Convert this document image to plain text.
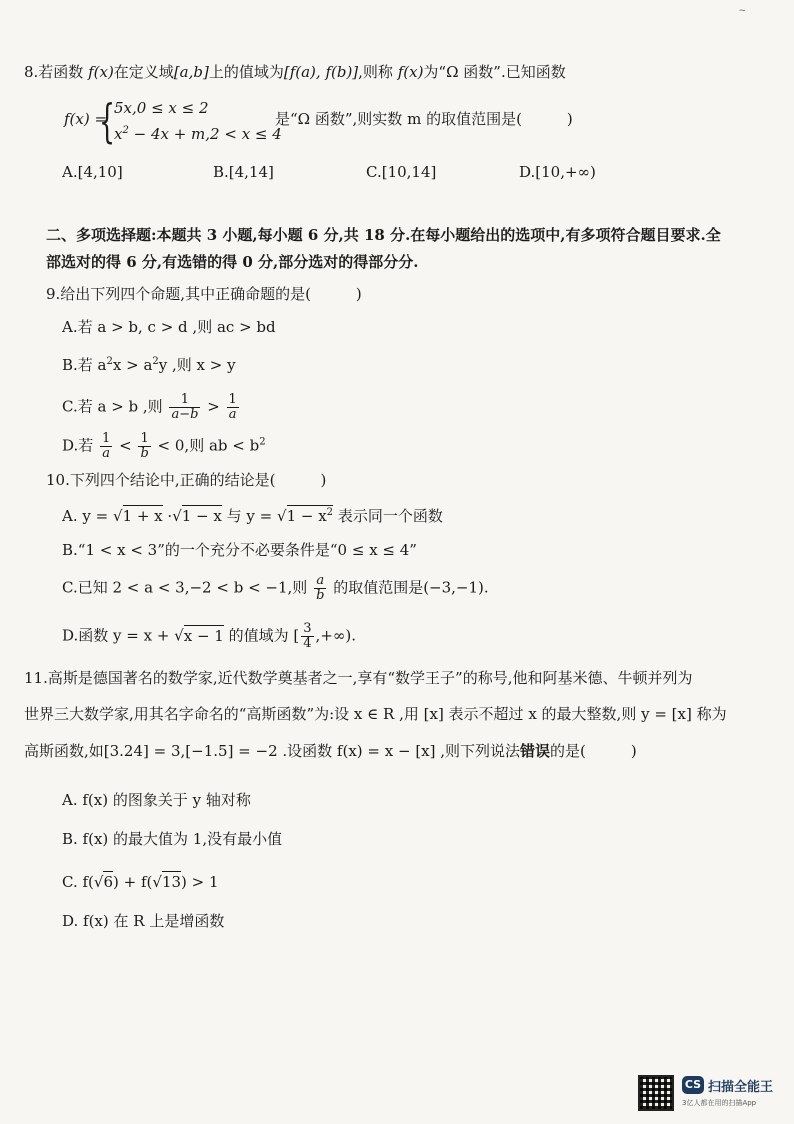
~
8.若函数 f(x)在定义域[a,b]上的值域为[f(a), f(b)],则称 f(x)为“Ω 函数”.已知函数
f(x) =
{
5x,0 ≤ x ≤ 2
$x^2 - 4x + m,2 < x \le 4$
是“Ω 函数”,则实数 m 的取值范围是(　　　)
A.[4,10]	B.[4,14]	C.[10,14]	D.[10,+∞)
二、多项选择题:本题共 3 小题,每小题 6 分,共 18 分.在每小题给出的选项中,有多项符合题目要求.全
部选对的得 6 分,有选错的得 0 分,部分选对的得部分分.
9.给出下列四个命题,其中正确命题的是(　　　)
A.若 a > b, c > d ,则 ac > bd
B.若 $a^2x > a^2y$ ,则 x > y
C.若 a > b ,则 $\frac{1}{a-b} > \frac{1}{a}$
D.若 $\frac{1}{a} < \frac{1}{b} < 0$,则 ab < $b^2$
10.下列四个结论中,正确的结论是(　　　)
A. y = √1 + x ·√1 − x 与 $y = √1 - x^2$ 表示同一个函数
B.“1 < x < 3”的一个充分不必要条件是“0 ≤ x ≤ 4”
C.已知 2 < a < 3,−2 < b < −1,则 $\frac{a}{b}$ 的取值范围是(−3,−1).
D.函数 y = x + √x − 1 的值域为 [ $\frac{3}{4}$ ,+∞).
11.高斯是德国著名的数学家,近代数学奠基者之一,享有“数学王子”的称号,他和阿基米德、牛顿并列为
世界三大数学家,用其名字命名的“高斯函数”为:设 x ∈ R ,用 [x] 表示不超过 x 的最大整数,则 y = [x] 称为
高斯函数,如[3.24] = 3,[−1.5] = −2 .设函数 f(x) = x − [x] ,则下列说法错误的是(　　　)
A. f(x) 的图象关于 y 轴对称
B. f(x) 的最大值为 1,没有最小值
C. f(√6) + f(√13) > 1
D. f(x) 在 R 上是增函数
CS 扫描全能王
3亿人都在用的扫描App
